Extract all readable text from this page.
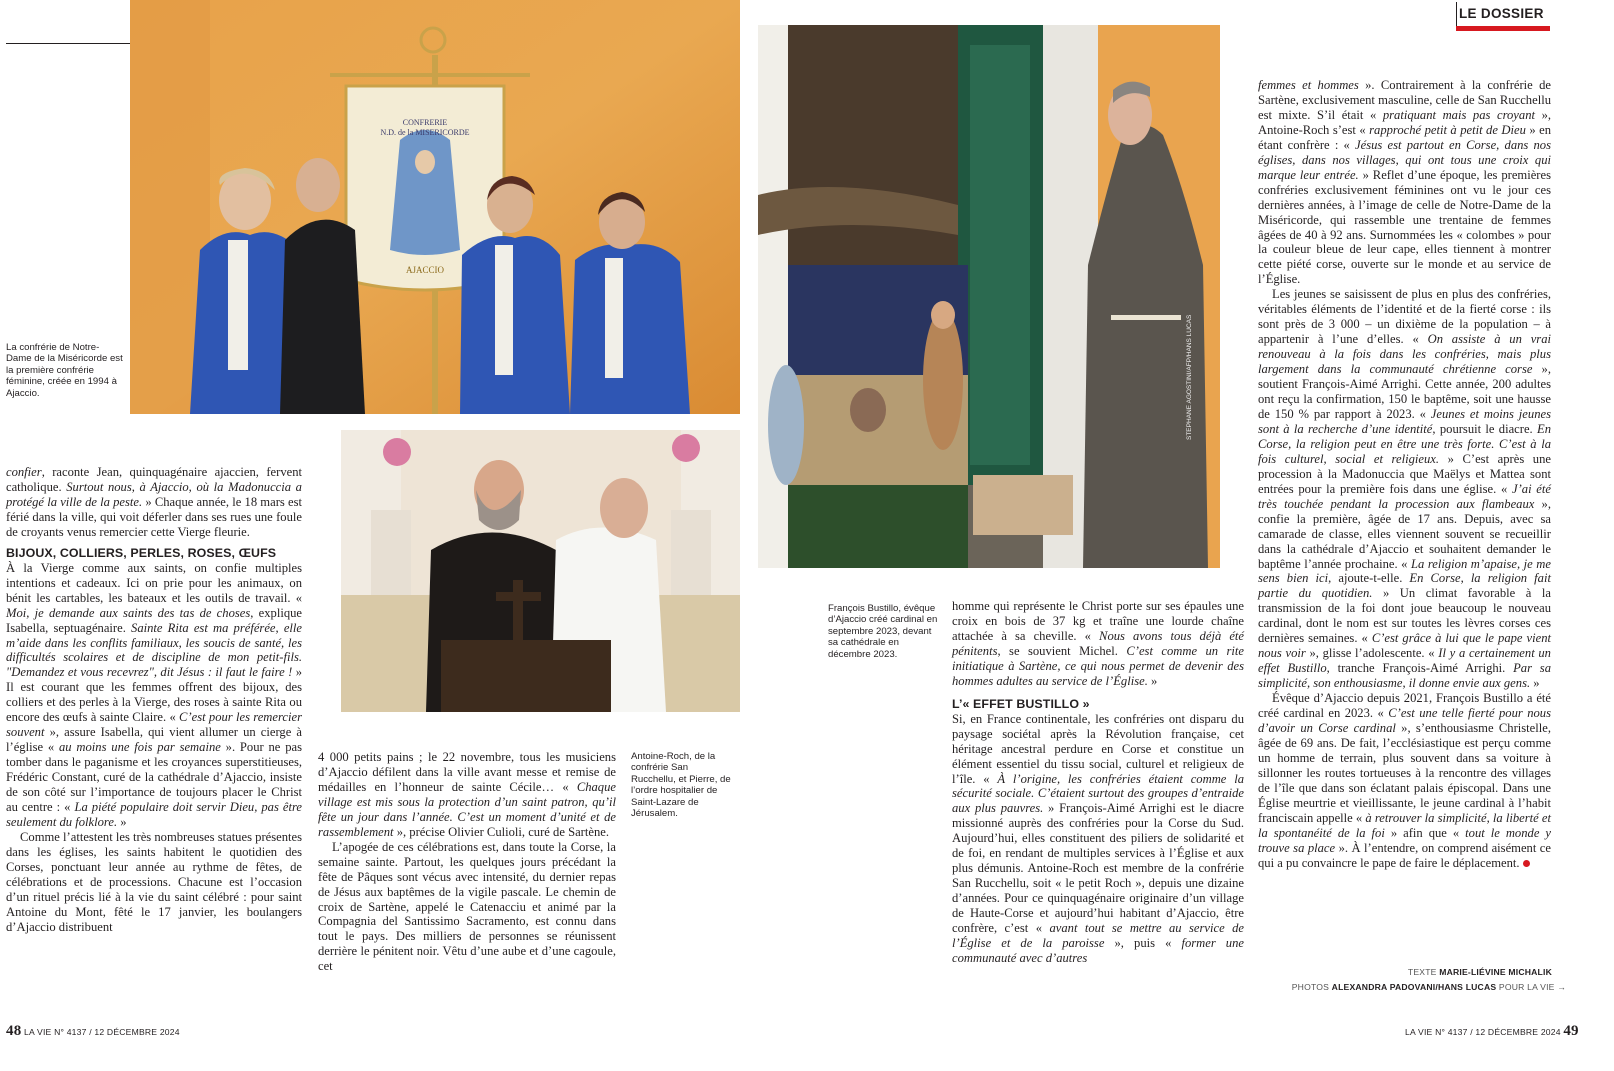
CONFRERIE
N.D. de la MISERICORDE
AJACCIO
La confrérie de Notre-Dame de la Miséricorde est la première confrérie féminine, créée en 1994 à Ajaccio.
Antoine-Roch, de la confrérie San Rucchellu, et Pierre, de l’ordre hospitalier de Saint-Lazare de Jérusalem.

confier, raconte Jean, quinquagénaire ajaccien, fervent catholique. Surtout nous, à Ajaccio, où la Madonuccia a protégé la ville de la peste. » Chaque année, le 18 mars est férié dans la ville, qui voit déferler dans ses rues une foule de croyants venus remercier cette Vierge fleurie.

BIJOUX, COLLIERS, PERLES, ROSES, ŒUFS

À la Vierge comme aux saints, on confie multiples intentions et cadeaux. Ici on prie pour les animaux, on bénit les cartables, les bateaux et les outils de travail. « Moi, je demande aux saints des tas de choses, explique Isabella, septuagénaire. Sainte Rita est ma préférée, elle m’aide dans les conflits familiaux, les soucis de santé, les difficultés scolaires et de discipline de mon petit-fils. "Demandez et vous recevrez", dit Jésus : il faut le faire ! » Il est courant que les femmes offrent des bijoux, des colliers et des perles à la Vierge, des roses à sainte Rita ou encore des œufs à sainte Claire. « C’est pour les remercier souvent », assure Isabella, qui vient allumer un cierge à l’église « au moins une fois par semaine ». Pour ne pas tomber dans le paganisme et les croyances superstitieuses, Frédéric Constant, curé de la cathédrale d’Ajaccio, insiste de son côté sur l’importance de toujours placer le Christ au centre : « La piété populaire doit servir Dieu, pas être seulement du folklore. »

Comme l’attestent les très nombreuses statues présentes dans les églises, les saints habitent le quotidien des Corses, ponctuant leur année au rythme de fêtes, de célébrations et de processions. Chacune est l’occasion d’un rituel précis lié à la vie du saint célébré : pour saint Antoine du Mont, fêté le 17 janvier, les boulangers d’Ajaccio distribuent

4 000 petits pains ; le 22 novembre, tous les musiciens d’Ajaccio défilent dans la ville avant messe et remise de médailles en l’honneur de sainte Cécile… « Chaque village est mis sous la protection d’un saint patron, qu’il fête un jour dans l’année. C’est un moment d’unité et de rassemblement », précise Olivier Culioli, curé de Sartène.

L’apogée de ces célébrations est, dans toute la Corse, la semaine sainte. Partout, les quelques jours précédant la fête de Pâques sont vécus avec intensité, du dernier repas de Jésus aux baptêmes de la vigile pascale. Le chemin de croix de Sartène, appelé le Catenacciu et animé par la Compagnia del Santissimo Sacramento, est connu dans tout le pays. Des milliers de personnes se réunissent derrière le pénitent noir. Vêtu d’une aube et d’une cagoule, cet

48 LA VIE N° 4137 / 12 DÉCEMBRE 2024
LE DOSSIER
STEPHANE AGOSTINI/AFP/HANS LUCAS
François Bustillo, évêque d’Ajaccio créé cardinal en septembre 2023, devant sa cathédrale en décembre 2023.

homme qui représente le Christ porte sur ses épaules une croix en bois de 37 kg et traîne une lourde chaîne attachée à sa cheville. « Nous avons tous déjà été pénitents, se souvient Michel. C’est comme un rite initiatique à Sartène, ce qui nous permet de devenir des hommes adultes au service de l’Église. »

L’« EFFET BUSTILLO »

Si, en France continentale, les confréries ont disparu du paysage sociétal après la Révolution française, cet héritage ancestral perdure en Corse et constitue un élément essentiel du tissu social, culturel et religieux de l’île. « À l’origine, les confréries étaient comme la sécurité sociale. C’étaient surtout des groupes d’entraide aux plus pauvres. » François-Aimé Arrighi est le diacre missionné auprès des confréries pour la Corse du Sud. Aujourd’hui, elles constituent des piliers de solidarité et de foi, en rendant de multiples services à l’Église et aux plus démunis. Antoine-Roch est membre de la confrérie San Rucchellu, soit « le petit Roch », depuis une dizaine d’années. Pour ce quinquagénaire originaire d’un village de Haute-Corse et aujourd’hui habitant d’Ajaccio, être confrère, c’est « avant tout se mettre au service de l’Église et de la paroisse », puis « former une communauté avec d’autres

femmes et hommes ». Contrairement à la confrérie de Sartène, exclusivement masculine, celle de San Rucchellu est mixte. S’il était « pratiquant mais pas croyant », Antoine-Roch s’est « rapproché petit à petit de Dieu » en étant confrère : « Jésus est partout en Corse, dans nos églises, dans nos villages, qui ont tous une croix qui marque leur entrée. » Reflet d’une époque, les premières confréries exclusivement féminines ont vu le jour ces dernières années, à l’image de celle de Notre-Dame de la Miséricorde, qui rassemble une trentaine de femmes âgées de 40 à 92 ans. Surnommées les « colombes » pour la couleur bleue de leur cape, elles tiennent à montrer cette piété corse, ouverte sur le monde et au service de l’Église.

Les jeunes se saisissent de plus en plus des confréries, véritables éléments de l’identité et de la fierté corse : ils sont près de 3 000 – un dixième de la population – à appartenir à l’une d’elles. « On assiste à un vrai renouveau à la fois dans les confréries, mais plus largement dans la communauté chrétienne corse », soutient François-Aimé Arrighi. Cette année, 200 adultes ont reçu la confirmation, 150 le baptême, soit une hausse de 150 % par rapport à 2023. « Jeunes et moins jeunes sont à la recherche d’une identité, poursuit le diacre. En Corse, la religion peut en être une très forte. C’est à la fois culturel, social et religieux. » C’est après une procession à la Madonuccia que Maëlys et Mattea sont entrées pour la première fois dans une église. « J’ai été très touchée pendant la procession aux flambeaux », confie la première, âgée de 17 ans. Depuis, avec sa camarade de classe, elles viennent souvent se recueillir dans la cathédrale d’Ajaccio et souhaitent demander le baptême l’année prochaine. « La religion m’apaise, je me sens bien ici, ajoute-t-elle. En Corse, la religion fait partie du quotidien. » Un climat favorable à la transmission de la foi dont joue beaucoup le nouveau cardinal, dont le nom est sur toutes les lèvres corses ces dernières semaines. « C’est grâce à lui que le pape vient nous voir », glisse l’adolescente. « Il y a certainement un effet Bustillo, tranche François-Aimé Arrighi. Par sa simplicité, son enthousiasme, il donne envie aux gens. »

Évêque d’Ajaccio depuis 2021, François Bustillo a été créé cardinal en 2023. « C’est une telle fierté pour nous d’avoir un Corse cardinal », s’enthousiasme Christelle, âgée de 69 ans. De fait, l’ecclésiastique est perçu comme un homme de terrain, plus souvent dans sa voiture à sillonner les routes tortueuses à la rencontre des villages de l’île que dans son éclatant palais épiscopal. Dans une Église meurtrie et vieillissante, le jeune cardinal à l’habit franciscain appelle « à retrouver la simplicité, la liberté et la spontanéité de la foi » afin que « tout le monde y trouve sa place ». À l’entendre, on comprend aisément ce qui a pu convaincre le pape de faire le déplacement.

TEXTE MARIE-LIÉVINE MICHALIK
PHOTOS ALEXANDRA PADOVANI/HANS LUCAS POUR LA VIE →
LA VIE N° 4137 / 12 DÉCEMBRE 2024 49
